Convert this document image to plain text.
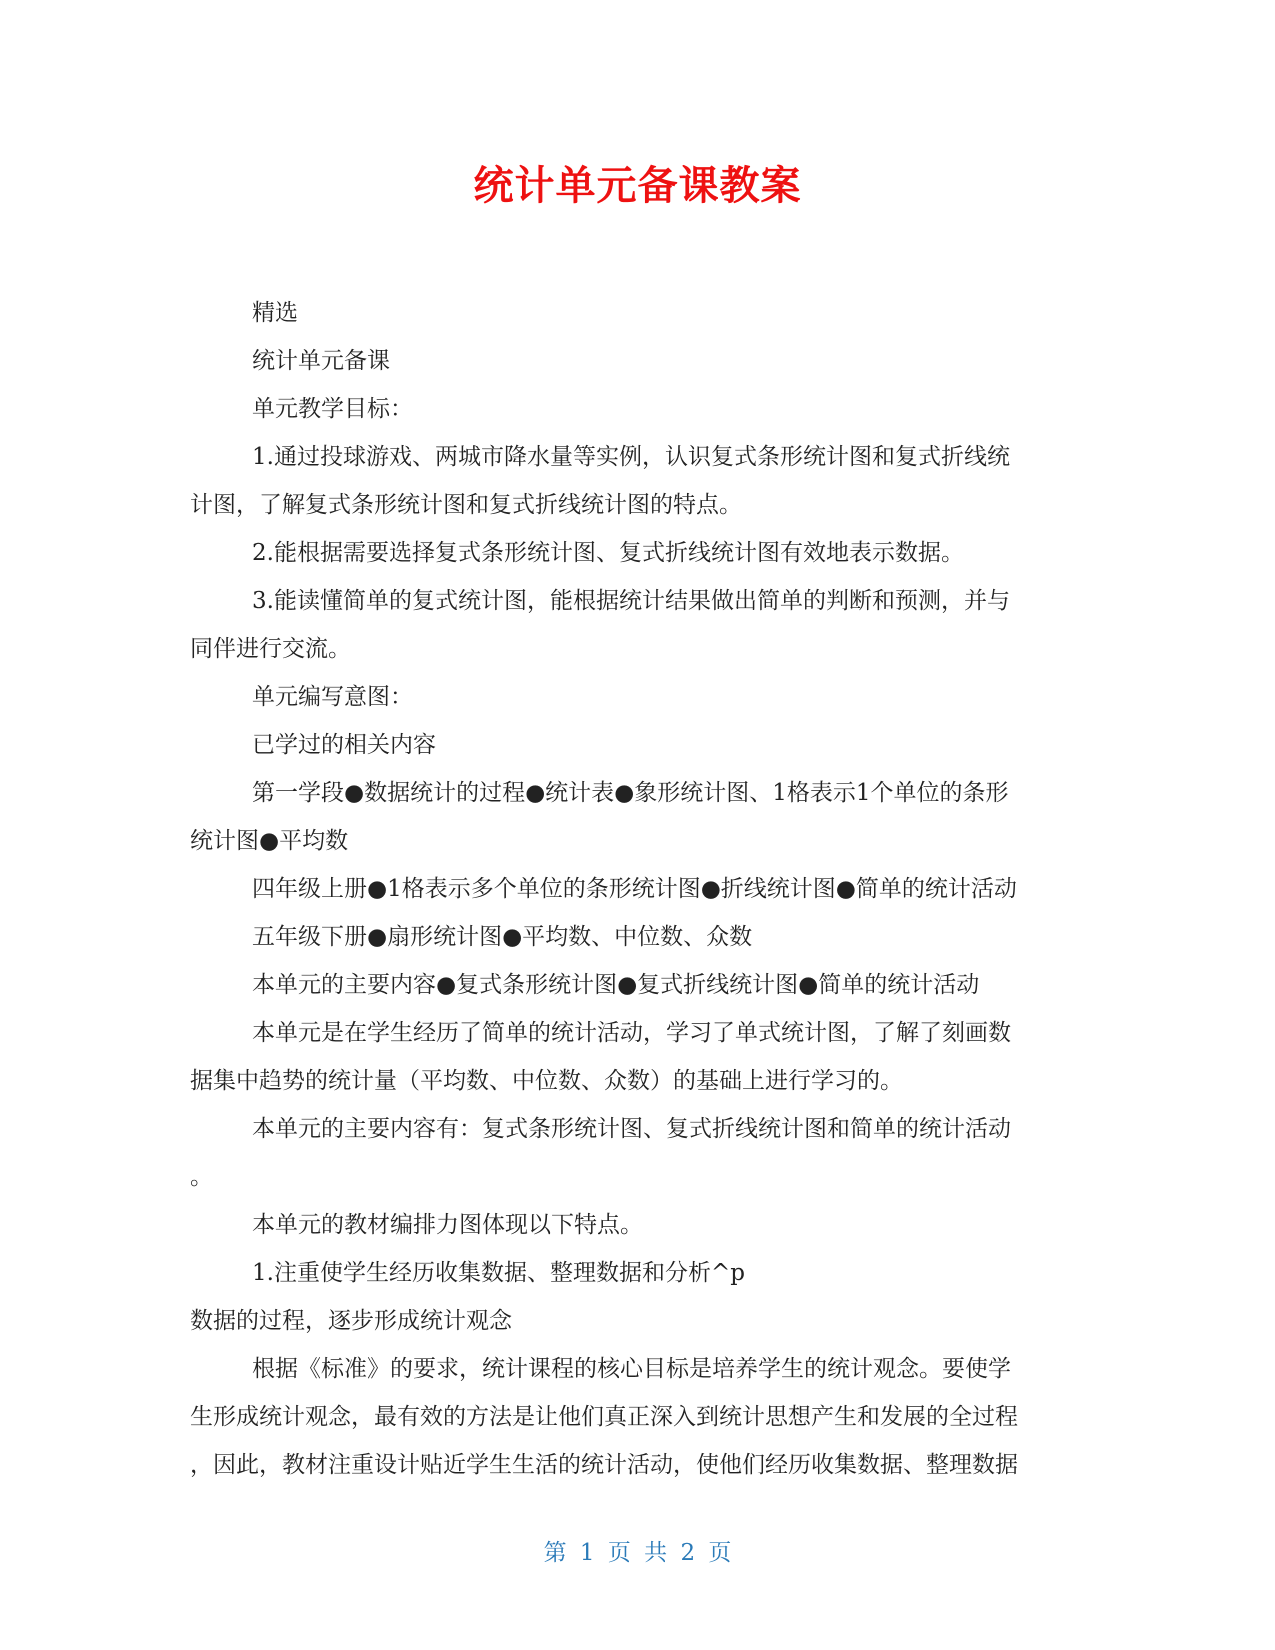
统计单元备课教案

精选

统计单元备课

单元教学目标：

1.通过投球游戏、两城市降水量等实例，认识复式条形统计图和复式折线统

计图，了解复式条形统计图和复式折线统计图的特点。

2.能根据需要选择复式条形统计图、复式折线统计图有效地表示数据。

3.能读懂简单的复式统计图，能根据统计结果做出简单的判断和预测，并与

同伴进行交流。

单元编写意图：

已学过的相关内容

第一学段●数据统计的过程●统计表●象形统计图、1格表示1个单位的条形

统计图●平均数

四年级上册●1格表示多个单位的条形统计图●折线统计图●简单的统计活动

五年级下册●扇形统计图●平均数、中位数、众数

本单元的主要内容●复式条形统计图●复式折线统计图●简单的统计活动

本单元是在学生经历了简单的统计活动，学习了单式统计图，了解了刻画数

据集中趋势的统计量（平均数、中位数、众数）的基础上进行学习的。

本单元的主要内容有：复式条形统计图、复式折线统计图和简单的统计活动

。

本单元的教材编排力图体现以下特点。

1.注重使学生经历收集数据、整理数据和分析^p

数据的过程，逐步形成统计观念

根据《标准》的要求，统计课程的核心目标是培养学生的统计观念。要使学

生形成统计观念，最有效的方法是让他们真正深入到统计思想产生和发展的全过程

，因此，教材注重设计贴近学生生活的统计活动，使他们经历收集数据、整理数据

第 1 页 共 2 页
